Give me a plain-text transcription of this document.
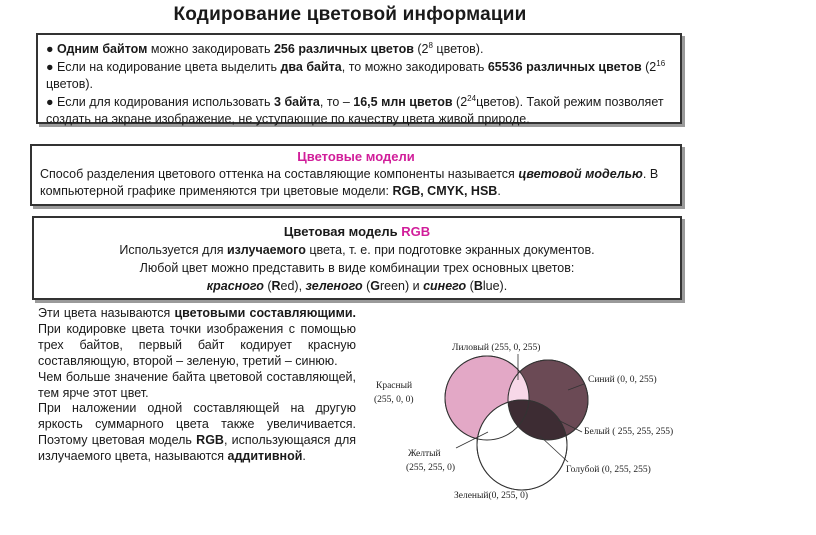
Кодирование цветовой информации

● Одним байтом можно закодировать 256 различных цветов ($2^8$ цветов).

● Если на кодирование цвета выделить два байта, то можно закодировать 65536 различных цветов ($2^{16}$ цветов).

● Если для кодирования использовать 3 байта, то – 16,5 млн цветов $(2^{24}цветов)$. Такой режим позволяет создать на экране изображение, не уступающие по качеству цвета живой природе.

Цветовые модели

Способ разделения цветового оттенка на составляющие компоненты называется цветовой моделью. В компьютерной графике применяются три цветовые модели: RGB, CMYK, HSB.

Цветовая модель RGB

Используется для излучаемого цвета, т. е. при подготовке экранных документов.

Любой цвет можно представить в виде комбинации трех основных цветов:

красного (Red), зеленого (Green) и синего (Blue).

Эти цвета называются цветовыми составляющими. При кодировке цвета точки изображения с помощью трех байтов, первый байт кодирует красную составляющую, второй – зеленую, третий – синюю.

Чем больше значение байта цветовой составляющей, тем ярче этот цвет.

При наложении одной составляющей на другую яркость суммарного цвета также увеличивается. Поэтому цветовая модель RGB, использующаяся для излучаемого цвета, называются аддитивной.

Лиловый (255, 0, 255)
Красный
(255, 0, 0)
Синий (0, 0, 255)
Белый ( 255, 255, 255)
Желтый
(255, 255, 0)	Голубой (0, 255, 255)
Зеленый(0, 255, 0)
